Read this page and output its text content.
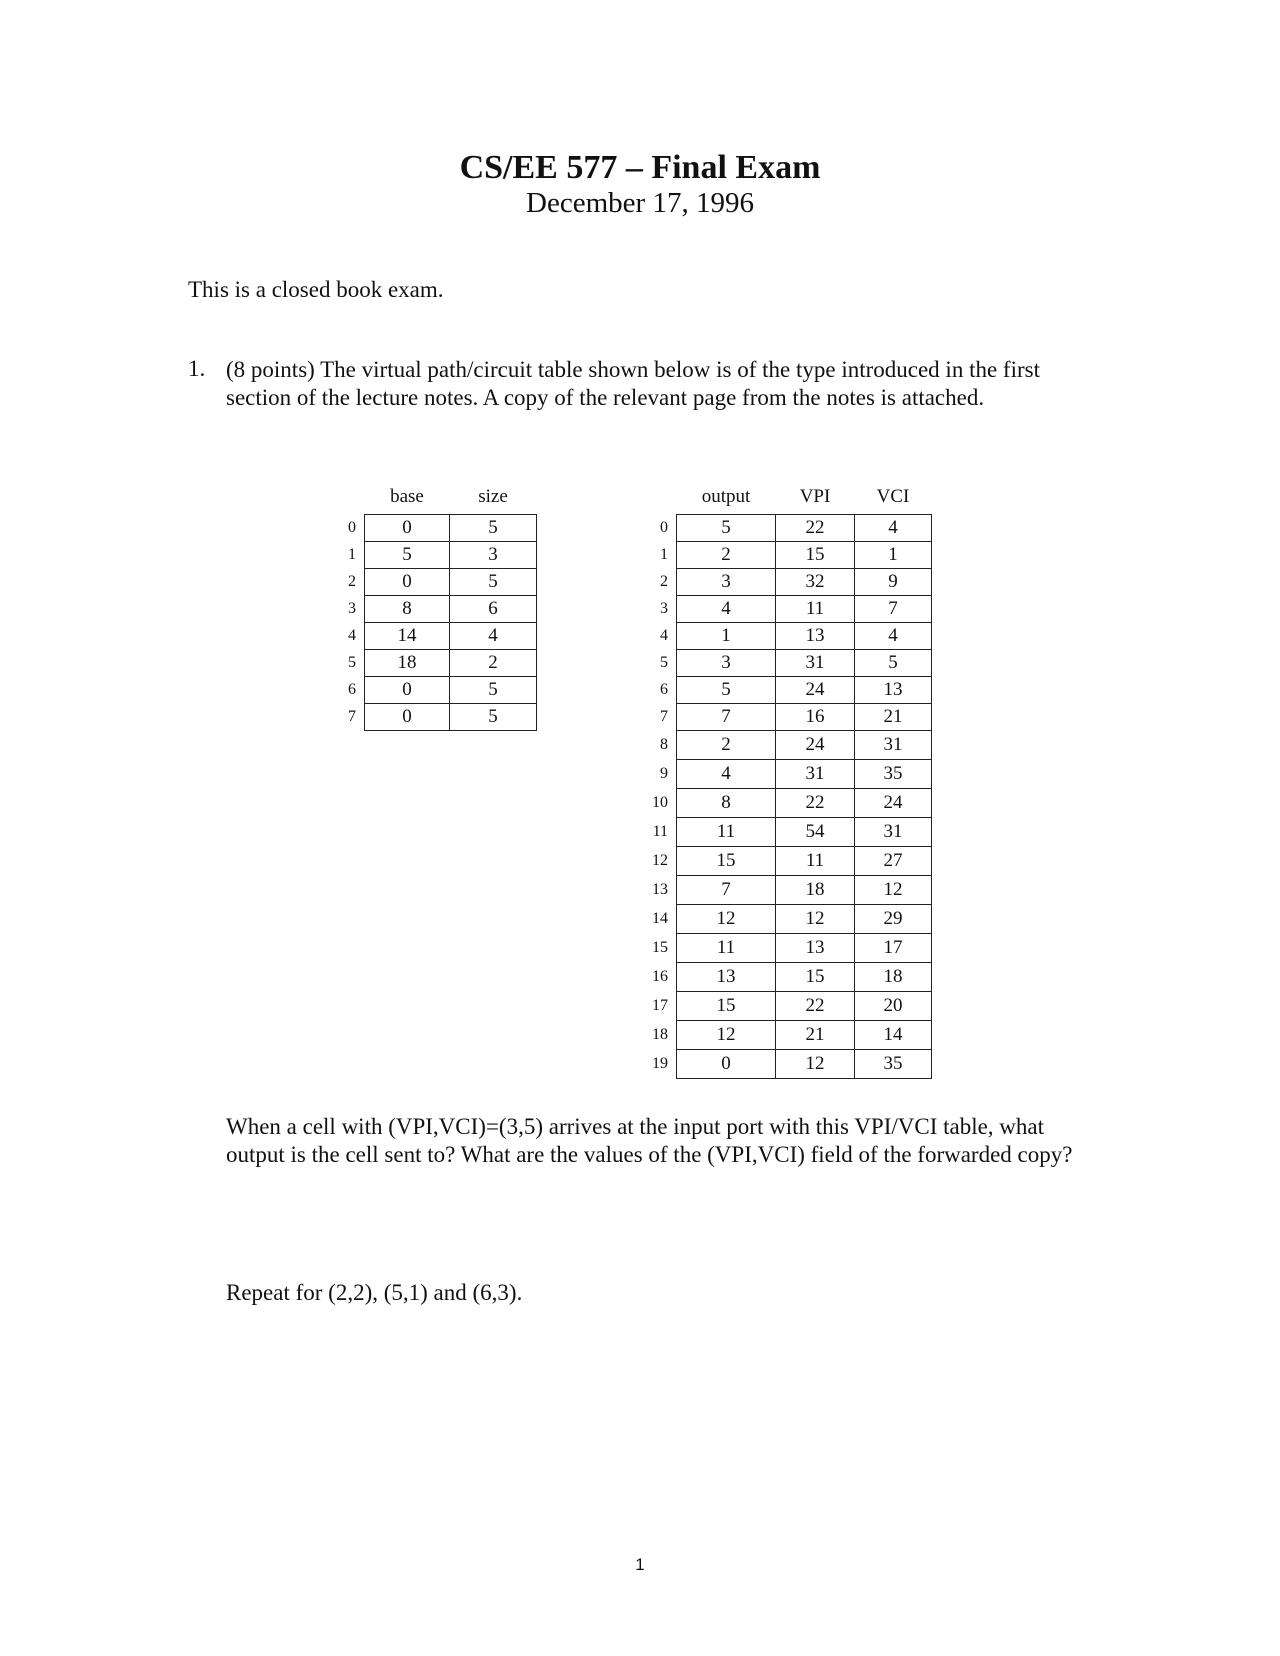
CS/EE 577 – Final Exam
December 17, 1996
This is a closed book exam.
1. (8 points) The virtual path/circuit table shown below is of the type introduced in the first section of the lecture notes. A copy of the relevant page from the notes is attached.
	base	size
0	0	5
1	5	3
2	0	5
3	8	6
4	14	4
5	18	2
6	0	5
7	0	5
	output	VPI	VCI
0	5	22	4
1	2	15	1
2	3	32	9
3	4	11	7
4	1	13	4
5	3	31	5
6	5	24	13
7	7	16	21
8	2	24	31
9	4	31	35
10	8	22	24
11	11	54	31
12	15	11	27
13	7	18	12
14	12	12	29
15	11	13	17
16	13	15	18
17	15	22	20
18	12	21	14
19	0	12	35
When a cell with (VPI,VCI)=(3,5) arrives at the input port with this VPI/VCI table, what output is the cell sent to? What are the values of the (VPI,VCI) field of the forwarded copy?
Repeat for (2,2), (5,1) and (6,3).
1
